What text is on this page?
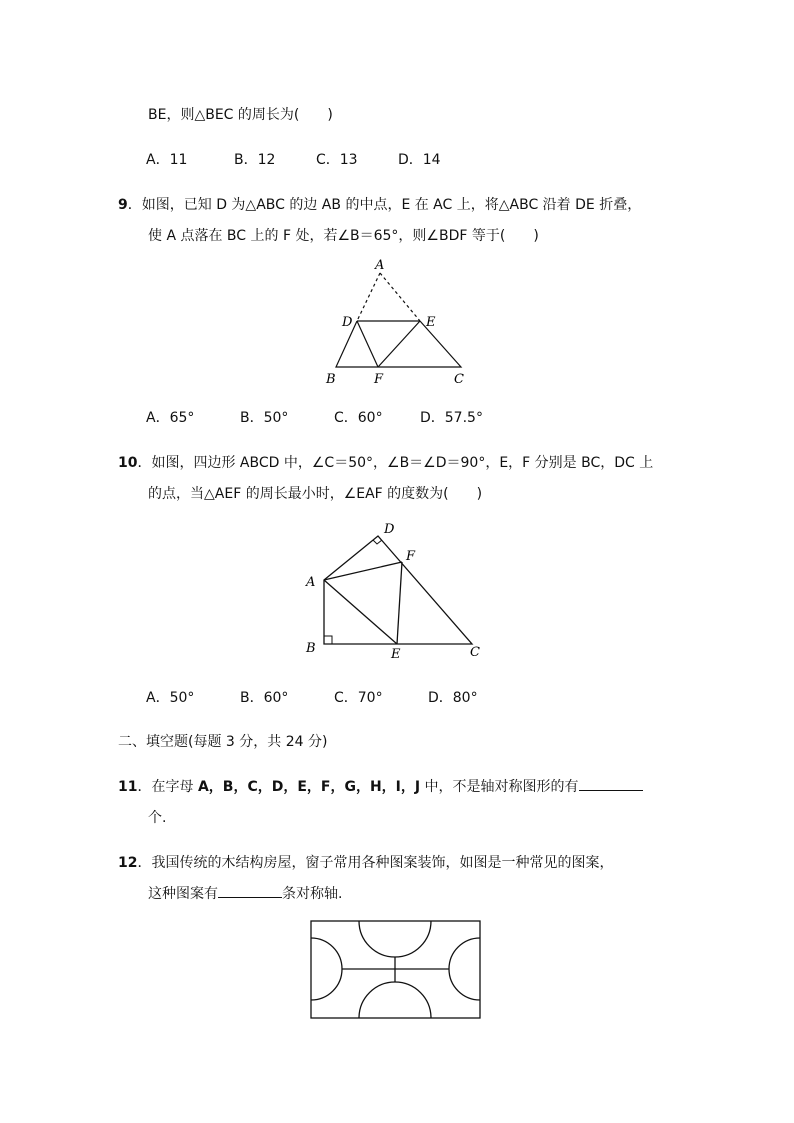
BE，则△BEC 的周长为(　　)
A．11	B．12	C．13	D．14
9．如图，已知 D 为△ABC 的边 AB 的中点，E 在 AC 上，将△ABC 沿着 DE 折叠，
使 A 点落在 BC 上的 F 处，若∠B＝65°，则∠BDF 等于(　　)
A
D	E
B	F	C
A．65°	B．50°	C．60°	D．57.5°
10．如图，四边形 ABCD 中，∠C＝50°，∠B＝∠D＝90°，E，F 分别是 BC，DC 上
的点，当△AEF 的周长最小时，∠EAF 的度数为(　　)
D
F
A
B	E	C
A．50°	B．60°	C．70°	D．80°
二、填空题(每题 3 分，共 24 分)
11．在字母 A，B，C，D，E，F，G，H，I，J 中，不是轴对称图形的有
个.
12．我国传统的木结构房屋，窗子常用各种图案装饰，如图是一种常见的图案，
这种图案有	条对称轴.
